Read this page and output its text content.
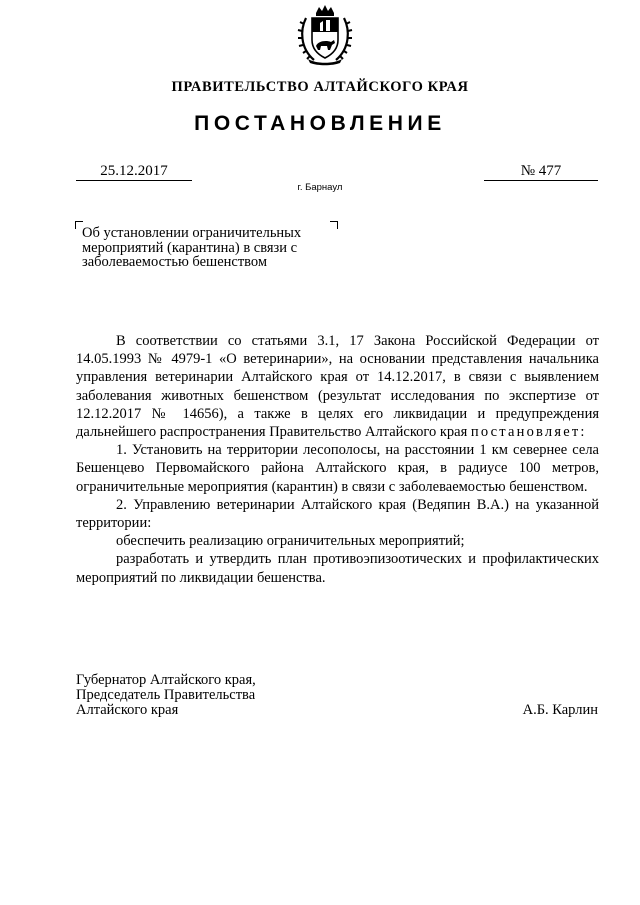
ПРАВИТЕЛЬСТВО АЛТАЙСКОГО КРАЯ
ПОСТАНОВЛЕНИЕ
25.12.2017	№ 477
г. Барнаул
Об установлении ограничительных
мероприятий (карантина) в связи с
заболеваемостью бешенством

В соответствии со статьями 3.1, 17 Закона Российской Федерации от 14.05.1993 № 4979-1 «О ветеринарии», на основании представления начальника управления ветеринарии Алтайского края от 14.12.2017, в связи с выявлением заболевания животных бешенством (результат исследования по экспертизе от 12.12.2017 № 14656), а также в целях его ликвидации и предупреждения дальнейшего распространения Правительство Алтайского края постановляет:

1. Установить на территории лесополосы, на расстоянии 1 км севернее села Бешенцево Первомайского района Алтайского края, в радиусе 100 метров, ограничительные мероприятия (карантин) в связи с заболеваемостью бешенством.

2. Управлению ветеринарии Алтайского края (Ведяпин В.А.) на указанной территории:

обеспечить реализацию ограничительных мероприятий;

разработать и утвердить план противоэпизоотических и профилактических мероприятий по ликвидации бешенства.

Губернатор Алтайского края,
Председатель Правительства
Алтайского края	А.Б. Карлин
